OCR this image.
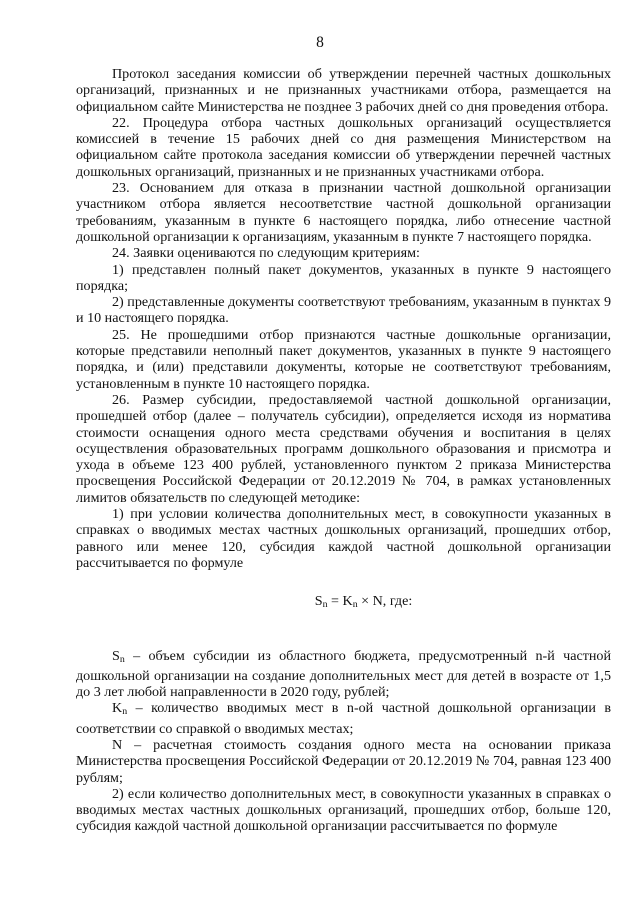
8

Протокол заседания комиссии об утверждении перечней частных дошкольных организаций, признанных и не признанных участниками отбора, размещается на официальном сайте Министерства не позднее 3 рабочих дней со дня проведения отбора.

22. Процедура отбора частных дошкольных организаций осуществляется комиссией в течение 15 рабочих дней со дня размещения Министерством на официальном сайте протокола заседания комиссии об утверждении перечней частных дошкольных организаций, признанных и не признанных участниками отбора.

23. Основанием для отказа в признании частной дошкольной организации участником отбора является несоответствие частной дошкольной организации требованиям, указанным в пункте 6 настоящего порядка, либо отнесение частной дошкольной организации к организациям, указанным в пункте 7 настоящего порядка.

24. Заявки оцениваются по следующим критериям:

1) представлен полный пакет документов, указанных в пункте 9 настоящего порядка;

2) представленные документы соответствуют требованиям, указанным в пунктах 9 и 10 настоящего порядка.

25. Не прошедшими отбор признаются частные дошкольные организации, которые представили неполный пакет документов, указанных в пункте 9 настоящего порядка, и (или) представили документы, которые не соответствуют требованиям, установленным в пункте 10 настоящего порядка.

26. Размер субсидии, предоставляемой частной дошкольной организации, прошедшей отбор (далее – получатель субсидии), определяется исходя из норматива стоимости оснащения одного места средствами обучения и воспитания в целях осуществления образовательных программ дошкольного образования и присмотра и ухода в объеме 123 400 рублей, установленного пунктом 2 приказа Министерства просвещения Российской Федерации от 20.12.2019 № 704, в рамках установленных лимитов обязательств по следующей методике:

1) при условии количества дополнительных мест, в совокупности указанных в справках о вводимых местах частных дошкольных организаций, прошедших отбор, равного или менее 120, субсидия каждой частной дошкольной организации рассчитывается по формуле

$S_n = K_n \times N$, где:

$S_n$ – объем субсидии из областного бюджета, предусмотренный n-й частной дошкольной организации на создание дополнительных мест для детей в возрасте от 1,5 до 3 лет любой направленности в 2020 году, рублей;

$K_n$ – количество вводимых мест в n-ой частной дошкольной организации в соответствии со справкой о вводимых местах;

N – расчетная стоимость создания одного места на основании приказа Министерства просвещения Российской Федерации от 20.12.2019 № 704, равная 123 400 рублям;

2) если количество дополнительных мест, в совокупности указанных в справках о вводимых местах частных дошкольных организаций, прошедших отбор, больше 120, субсидия каждой частной дошкольной организации рассчитывается по формуле
